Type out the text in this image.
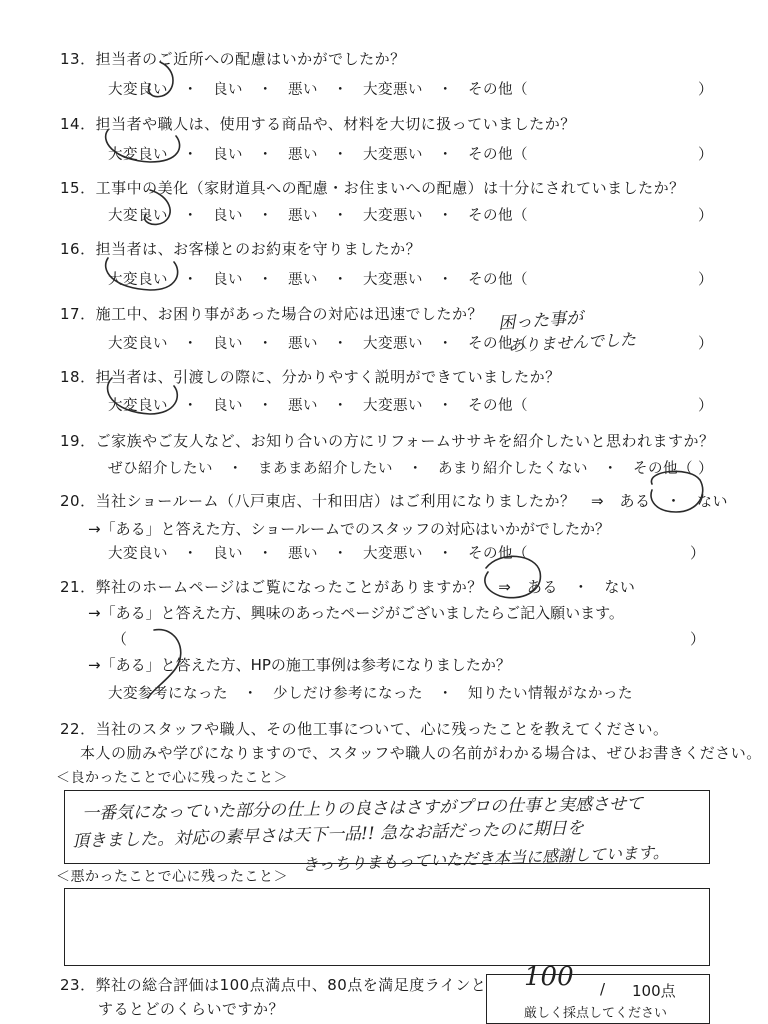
13．担当者のご近所への配慮はいかがでしたか？
大変良い　・　良い　・　悪い　・　大変悪い　・　その他（	）
14．担当者や職人は、使用する商品や、材料を大切に扱っていましたか？
大変良い　・　良い　・　悪い　・　大変悪い　・　その他（	）
15．工事中の美化（家財道具への配慮・お住まいへの配慮）は十分にされていましたか？
大変良い　・　良い　・　悪い　・　大変悪い　・　その他（	）
16．担当者は、お客様とのお約束を守りましたか？
大変良い　・　良い　・　悪い　・　大変悪い　・　その他（	）
17．施工中、お困り事があった場合の対応は迅速でしたか？
大変良い　・　良い　・　悪い　・　大変悪い　・　その他（	）
困った事が
ありませんでした
18．担当者は、引渡しの際に、分かりやすく説明ができていましたか？
大変良い　・　良い　・　悪い　・　大変悪い　・　その他（	）
19．ご家族やご友人など、お知り合いの方にリフォームササキを紹介したいと思われますか？
ぜひ紹介したい　・　まあまあ紹介したい　・　あまり紹介したくない　・　その他（ ）
20．当社ショールーム（八戸東店、十和田店）はご利用になりましたか？　⇒　ある　・　ない
→「ある」と答えた方、ショールームでのスタッフの対応はいかがでしたか？
大変良い　・　良い　・　悪い　・　大変悪い　・　その他（	）
21．弊社のホームページはご覧になったことがありますか？　⇒　ある　・　ない
→「ある」と答えた方、興味のあったページがございましたらご記入願います。
（	）
→「ある」と答えた方、HPの施工事例は参考になりましたか？
大変参考になった　・　少しだけ参考になった　・　知りたい情報がなかった
22．当社のスタッフや職人、その他工事について、心に残ったことを教えてください。
本人の励みや学びになりますので、スタッフや職人の名前がわかる場合は、ぜひお書きください。
＜良かったことで心に残ったこと＞
一番気になっていた部分の仕上りの良さはさすがプロの仕事と実感させて
頂きました。対応の素早さは天下一品!! 急なお話だったのに期日を
＜悪かったことで心に残ったこと＞
きっちりまもっていただき本当に感謝しています。
23．弊社の総合評価は100点満点中、80点を満足度ラインと
するとどのくらいですか？
100 / 100点
厳しく採点してください
